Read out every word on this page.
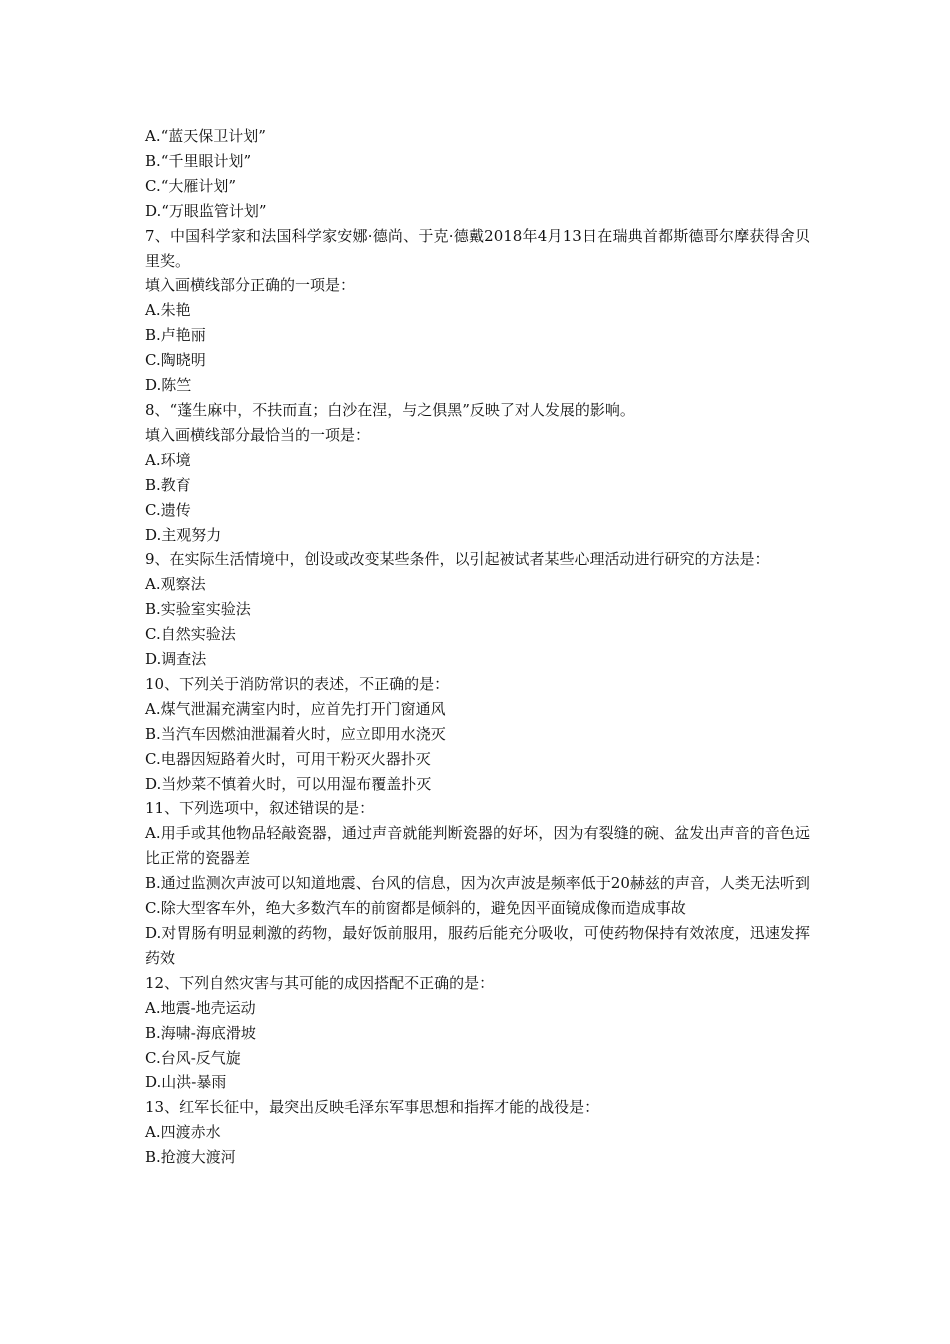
A.“蓝天保卫计划”

B.“千里眼计划”

C.“大雁计划”

D.“万眼监管计划”

7、中国科学家和法国科学家安娜·德尚、于克·德戴2018年4月13日在瑞典首都斯德哥尔摩获得舍贝里奖。

填入画横线部分正确的一项是：

A.朱艳

B.卢艳丽

C.陶晓明

D.陈竺

8、“蓬生麻中，不扶而直；白沙在涅，与之俱黑”反映了对人发展的影响。

填入画横线部分最恰当的一项是：

A.环境

B.教育

C.遗传

D.主观努力

9、在实际生活情境中，创设或改变某些条件，以引起被试者某些心理活动进行研究的方法是：

A.观察法

B.实验室实验法

C.自然实验法

D.调查法

10、下列关于消防常识的表述，不正确的是：

A.煤气泄漏充满室内时，应首先打开门窗通风

B.当汽车因燃油泄漏着火时，应立即用水浇灭

C.电器因短路着火时，可用干粉灭火器扑灭

D.当炒菜不慎着火时，可以用湿布覆盖扑灭

11、下列选项中，叙述错误的是：

A.用手或其他物品轻敲瓷器，通过声音就能判断瓷器的好坏，因为有裂缝的碗、盆发出声音的音色远比正常的瓷器差

B.通过监测次声波可以知道地震、台风的信息，因为次声波是频率低于20赫兹的声音，人类无法听到

C.除大型客车外，绝大多数汽车的前窗都是倾斜的，避免因平面镜成像而造成事故

D.对胃肠有明显刺激的药物，最好饭前服用，服药后能充分吸收，可使药物保持有效浓度，迅速发挥药效

12、下列自然灾害与其可能的成因搭配不正确的是：

A.地震-地壳运动

B.海啸-海底滑坡

C.台风-反气旋

D.山洪-暴雨

13、红军长征中，最突出反映毛泽东军事思想和指挥才能的战役是：

A.四渡赤水

B.抢渡大渡河
